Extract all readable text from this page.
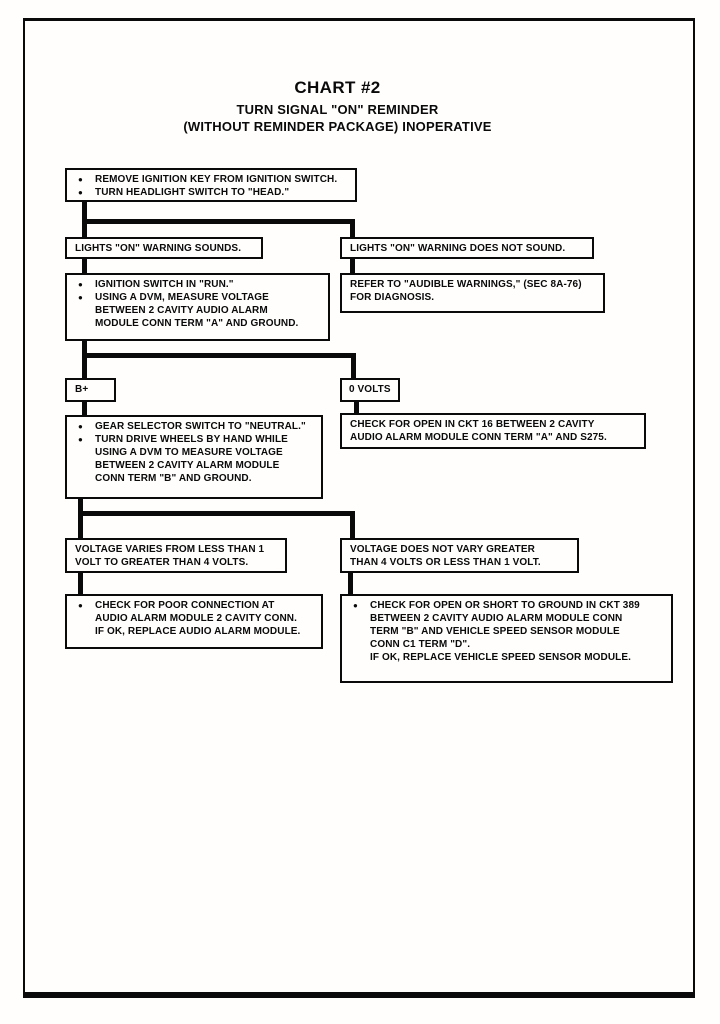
CHART #2
TURN SIGNAL "ON" REMINDER
(WITHOUT REMINDER PACKAGE) INOPERATIVE
● REMOVE IGNITION KEY FROM IGNITION SWITCH.
● TURN HEADLIGHT SWITCH TO "HEAD."
LIGHTS "ON" WARNING SOUNDS.	LIGHTS "ON" WARNING DOES NOT SOUND.
● IGNITION SWITCH IN "RUN."
● USING A DVM, MEASURE VOLTAGE
BETWEEN 2 CAVITY AUDIO ALARM
MODULE CONN TERM "A" AND GROUND.
REFER TO "AUDIBLE WARNINGS," (SEC 8A-76)
FOR DIAGNOSIS.
B+	0 VOLTS
● GEAR SELECTOR SWITCH TO "NEUTRAL."
● TURN DRIVE WHEELS BY HAND WHILE
USING A DVM TO MEASURE VOLTAGE
BETWEEN 2 CAVITY ALARM MODULE
CONN TERM "B" AND GROUND.
CHECK FOR OPEN IN CKT 16 BETWEEN 2 CAVITY
AUDIO ALARM MODULE CONN TERM "A" AND S275.
VOLTAGE VARIES FROM LESS THAN 1
VOLT TO GREATER THAN 4 VOLTS.
VOLTAGE DOES NOT VARY GREATER
THAN 4 VOLTS OR LESS THAN 1 VOLT.
● CHECK FOR POOR CONNECTION AT
AUDIO ALARM MODULE 2 CAVITY CONN.
IF OK, REPLACE AUDIO ALARM MODULE.
● CHECK FOR OPEN OR SHORT TO GROUND IN CKT 389
BETWEEN 2 CAVITY AUDIO ALARM MODULE CONN
TERM "B" AND VEHICLE SPEED SENSOR MODULE
CONN C1 TERM "D".
IF OK, REPLACE VEHICLE SPEED SENSOR MODULE.
